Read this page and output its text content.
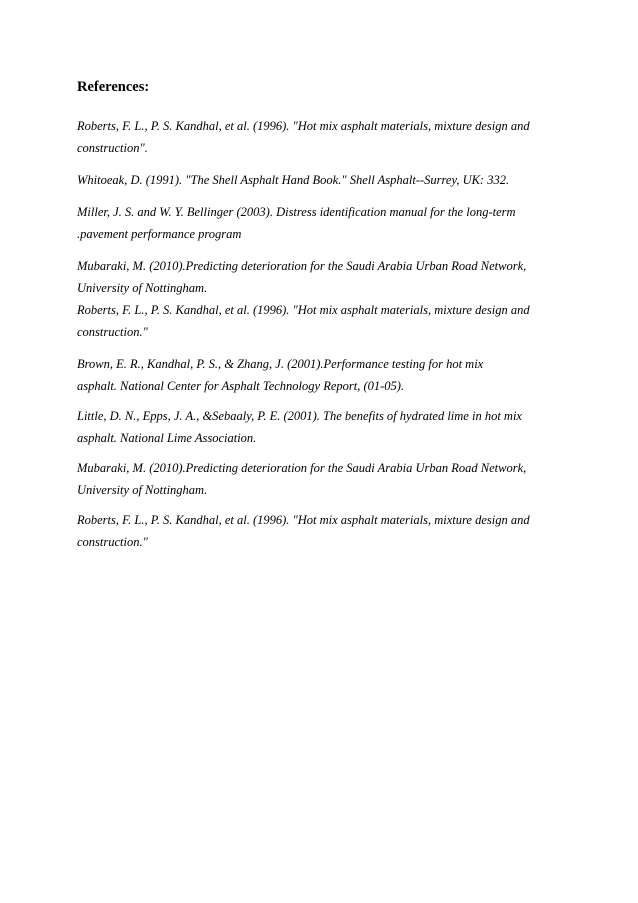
References:

Roberts, F. L., P. S. Kandhal, et al. (1996). "Hot mix asphalt materials, mixture design and
construction".

Whitoeak, D. (1991). "The Shell Asphalt Hand Book." Shell Asphalt--Surrey, UK: 332.

Miller, J. S. and W. Y. Bellinger (2003). Distress identification manual for the long-term
.pavement performance program

Mubaraki, M. (2010).Predicting deterioration for the Saudi Arabia Urban Road Network,
University of Nottingham.

Roberts, F. L., P. S. Kandhal, et al. (1996). "Hot mix asphalt materials, mixture design and
construction."

Brown, E. R., Kandhal, P. S., & Zhang, J. (2001).Performance testing for hot mix
asphalt. National Center for Asphalt Technology Report, (01-05).

Little, D. N., Epps, J. A., &Sebaaly, P. E. (2001). The benefits of hydrated lime in hot mix
asphalt. National Lime Association.

Mubaraki, M. (2010).Predicting deterioration for the Saudi Arabia Urban Road Network,
University of Nottingham.

Roberts, F. L., P. S. Kandhal, et al. (1996). "Hot mix asphalt materials, mixture design and
construction."
